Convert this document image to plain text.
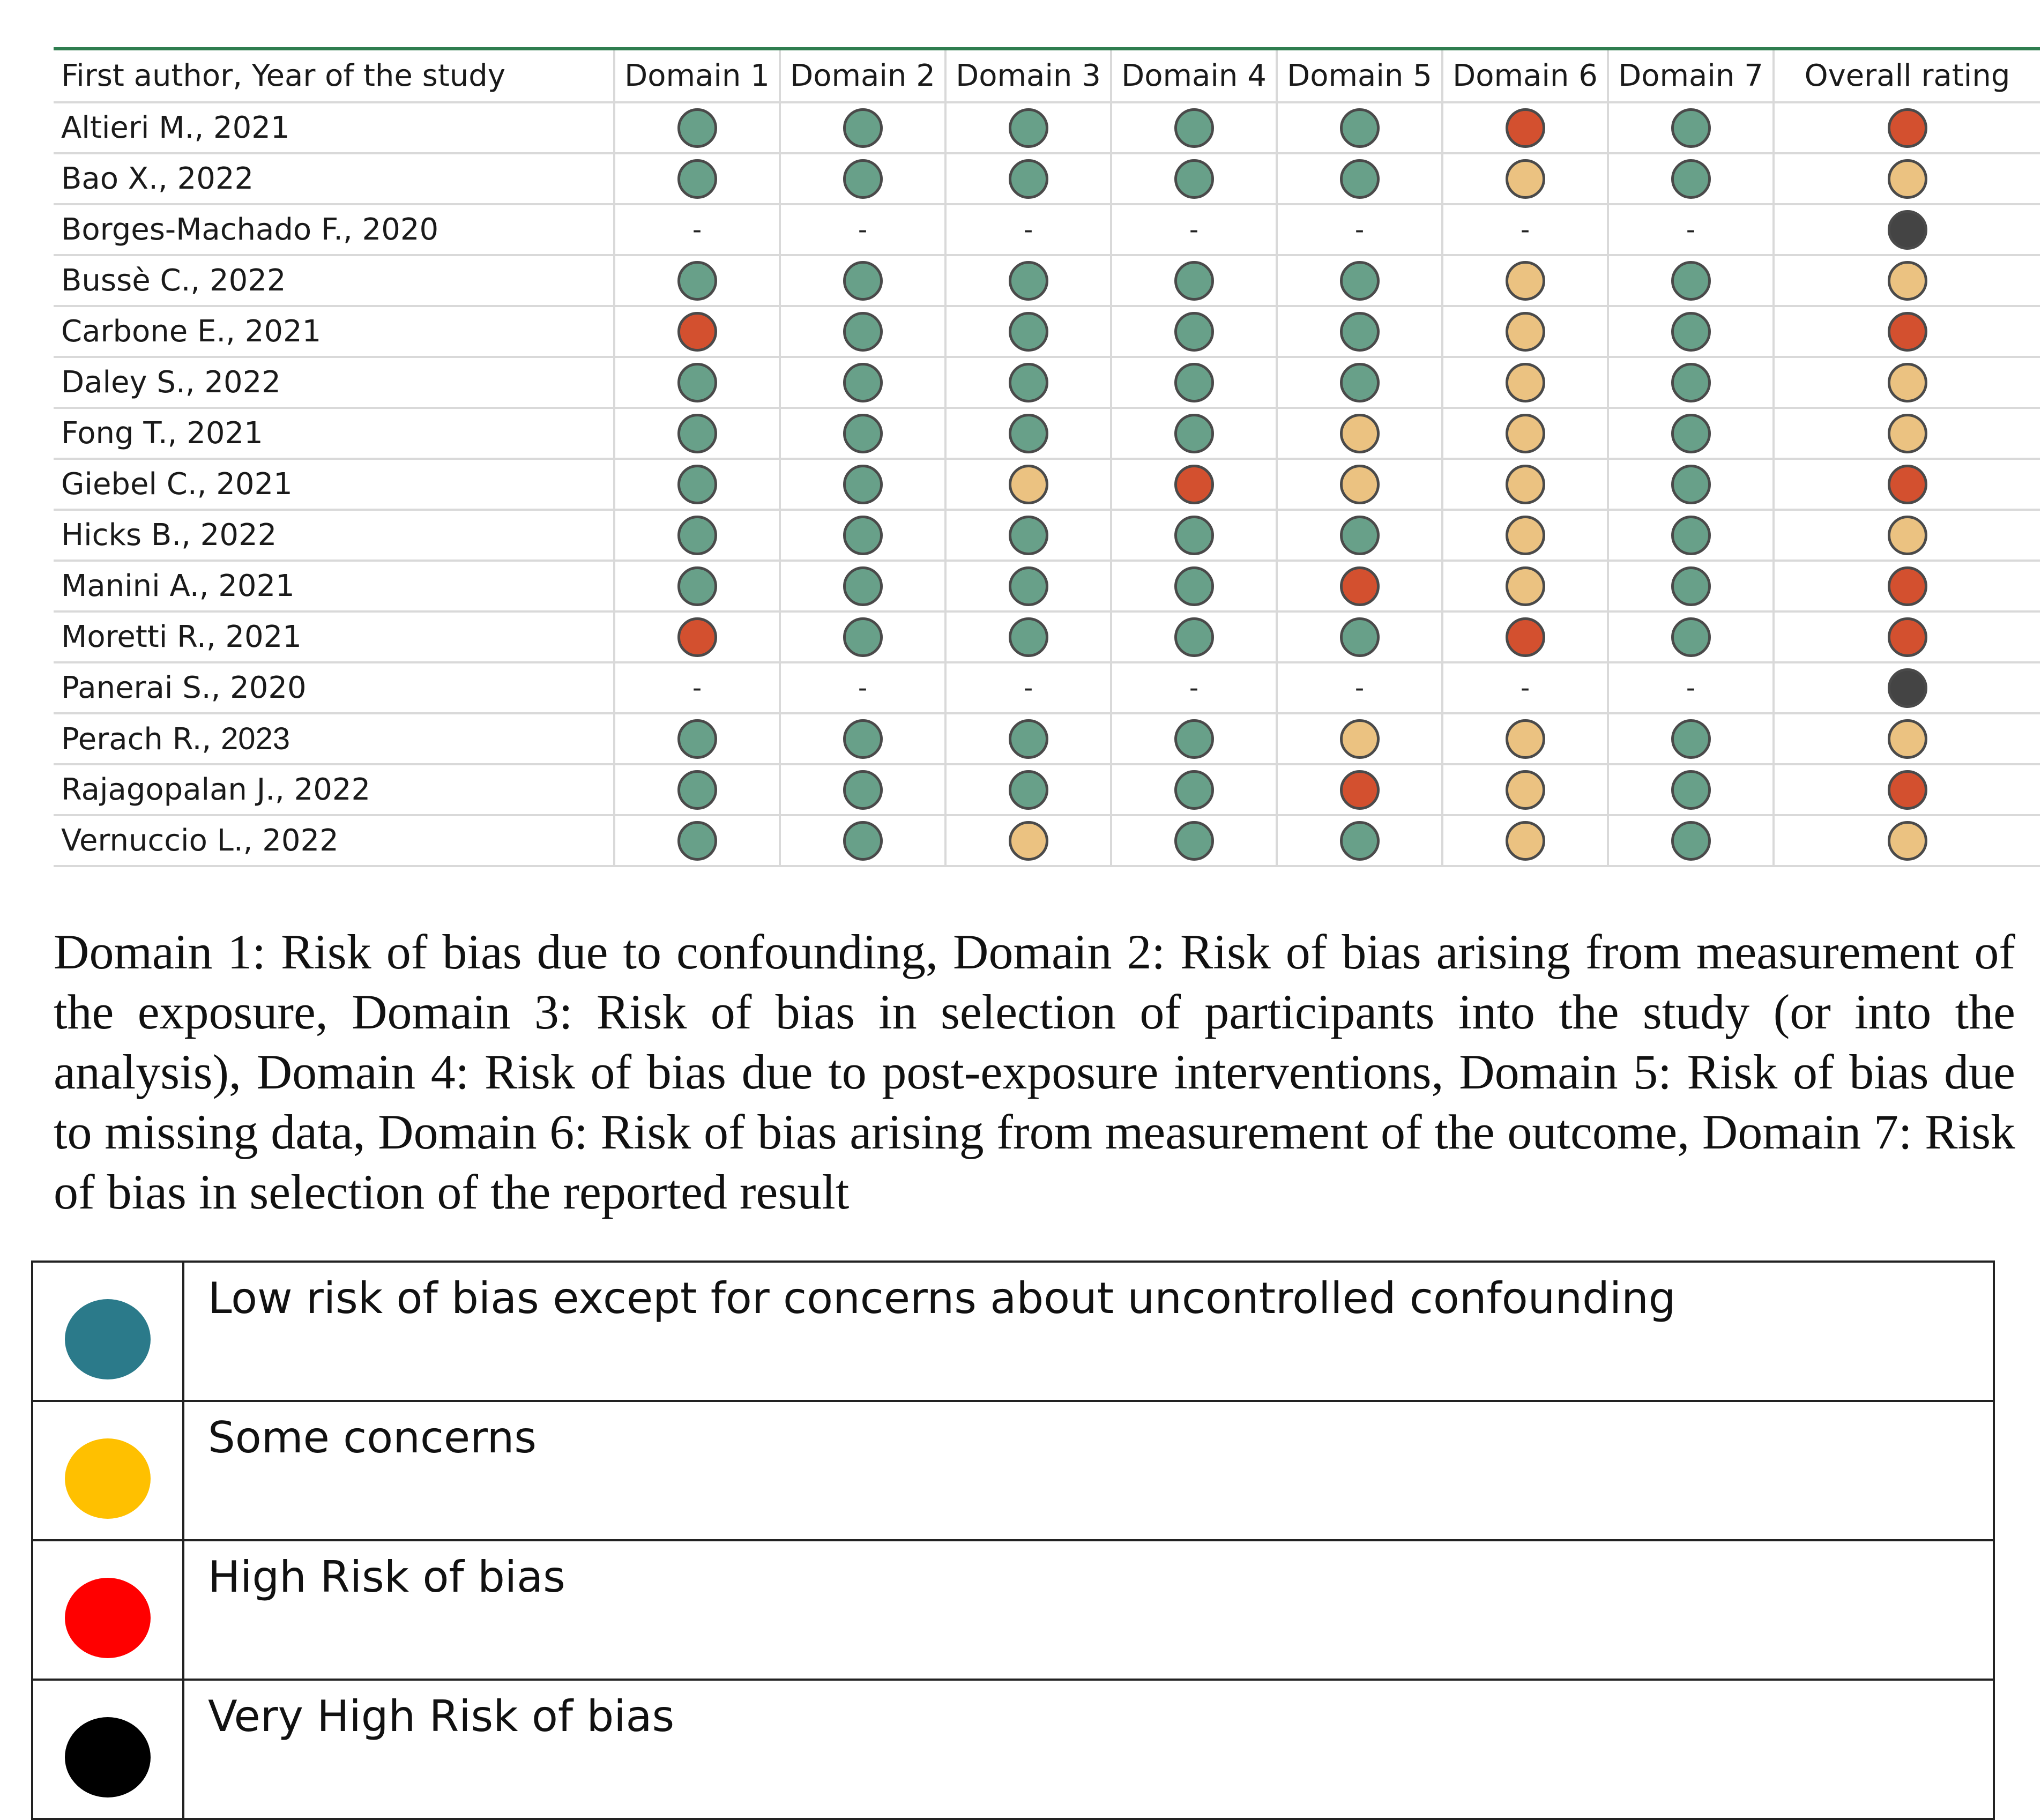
First author, Year of the study	Domain 1	Domain 2	Domain 3	Domain 4	Domain 5	Domain 6	Domain 7	Overall rating
Altieri M., 2021								
Bao X., 2022								
Borges-Machado F., 2020	-	-	-	-	-	-	-	
Bussè C., 2022								
Carbone E., 2021								
Daley S., 2022								
Fong T., 2021								
Giebel C., 2021								
Hicks B., 2022								
Manini A., 2021								
Moretti R., 2021								
Panerai S., 2020	-	-	-	-	-	-	-	
Perach R., 2023								
Rajagopalan J., 2022								
Vernuccio L., 2022								
Domain 1: Risk of bias due to confounding, Domain 2: Risk of bias arising from measurement of the exposure, Domain 3: Risk of bias in selection of participants into the study (or into the analysis), Domain 4: Risk of bias due to post-exposure interventions, Domain 5: Risk of bias due to missing data, Domain 6: Risk of bias arising from measurement of the outcome, Domain 7: Risk of bias in selection of the reported result
	Low risk of bias except for concerns about uncontrolled confounding
	Some concerns
	High Risk of bias
	Very High Risk of bias
